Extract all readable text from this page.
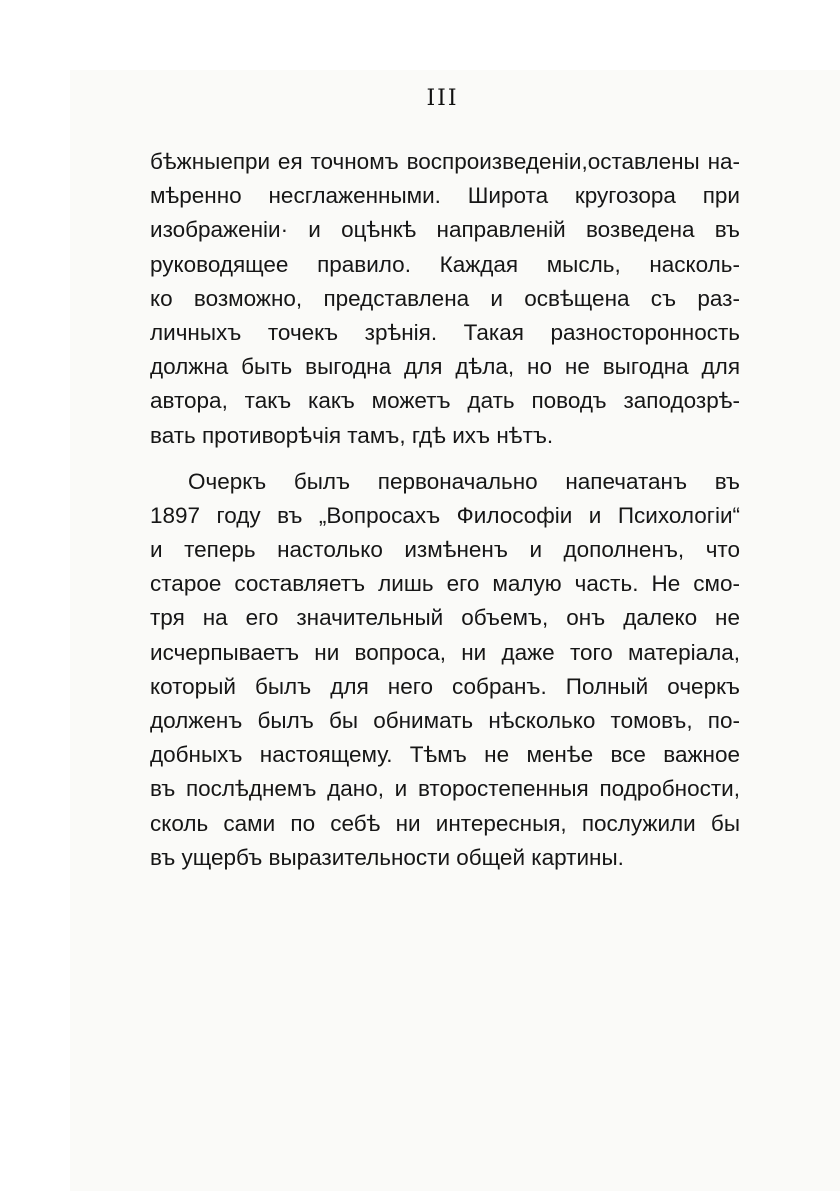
III
бѣжныепри ея точномъ воспроизведенiи,оставлены на-
мѣренно несглаженными. Широта кругозора при
изображенiи· и оцѣнкѣ направленiй возведена въ
руководящее правило. Каждая мысль, насколь-
ко возможно, представлена и освѣщена съ раз-
личныхъ точекъ зрѣнiя. Такая разносторонность
должна быть выгодна для дѣла, но не выгодна для
автора, такъ какъ можетъ дать поводъ заподозрѣ-
вать противорѣчiя тамъ, гдѣ ихъ нѣтъ.
Очеркъ былъ первоначально напечатанъ въ
1897 году въ „Вопросахъ Философiи и Психологiи“
и теперь настолько измѣненъ и дополненъ, что
старое составляетъ лишь его малую часть. Не смо-
тря на его значительный объемъ, онъ далеко не
исчерпываетъ ни вопроса, ни даже того матерiала,
который былъ для него собранъ. Полный очеркъ
долженъ былъ бы обнимать нѣсколько томовъ, по-
добныхъ настоящему. Тѣмъ не менѣе все важное
въ послѣднемъ дано, и второстепенныя подробности,
сколь сами по себѣ ни интересныя, послужили бы
въ ущербъ выразительности общей картины.
